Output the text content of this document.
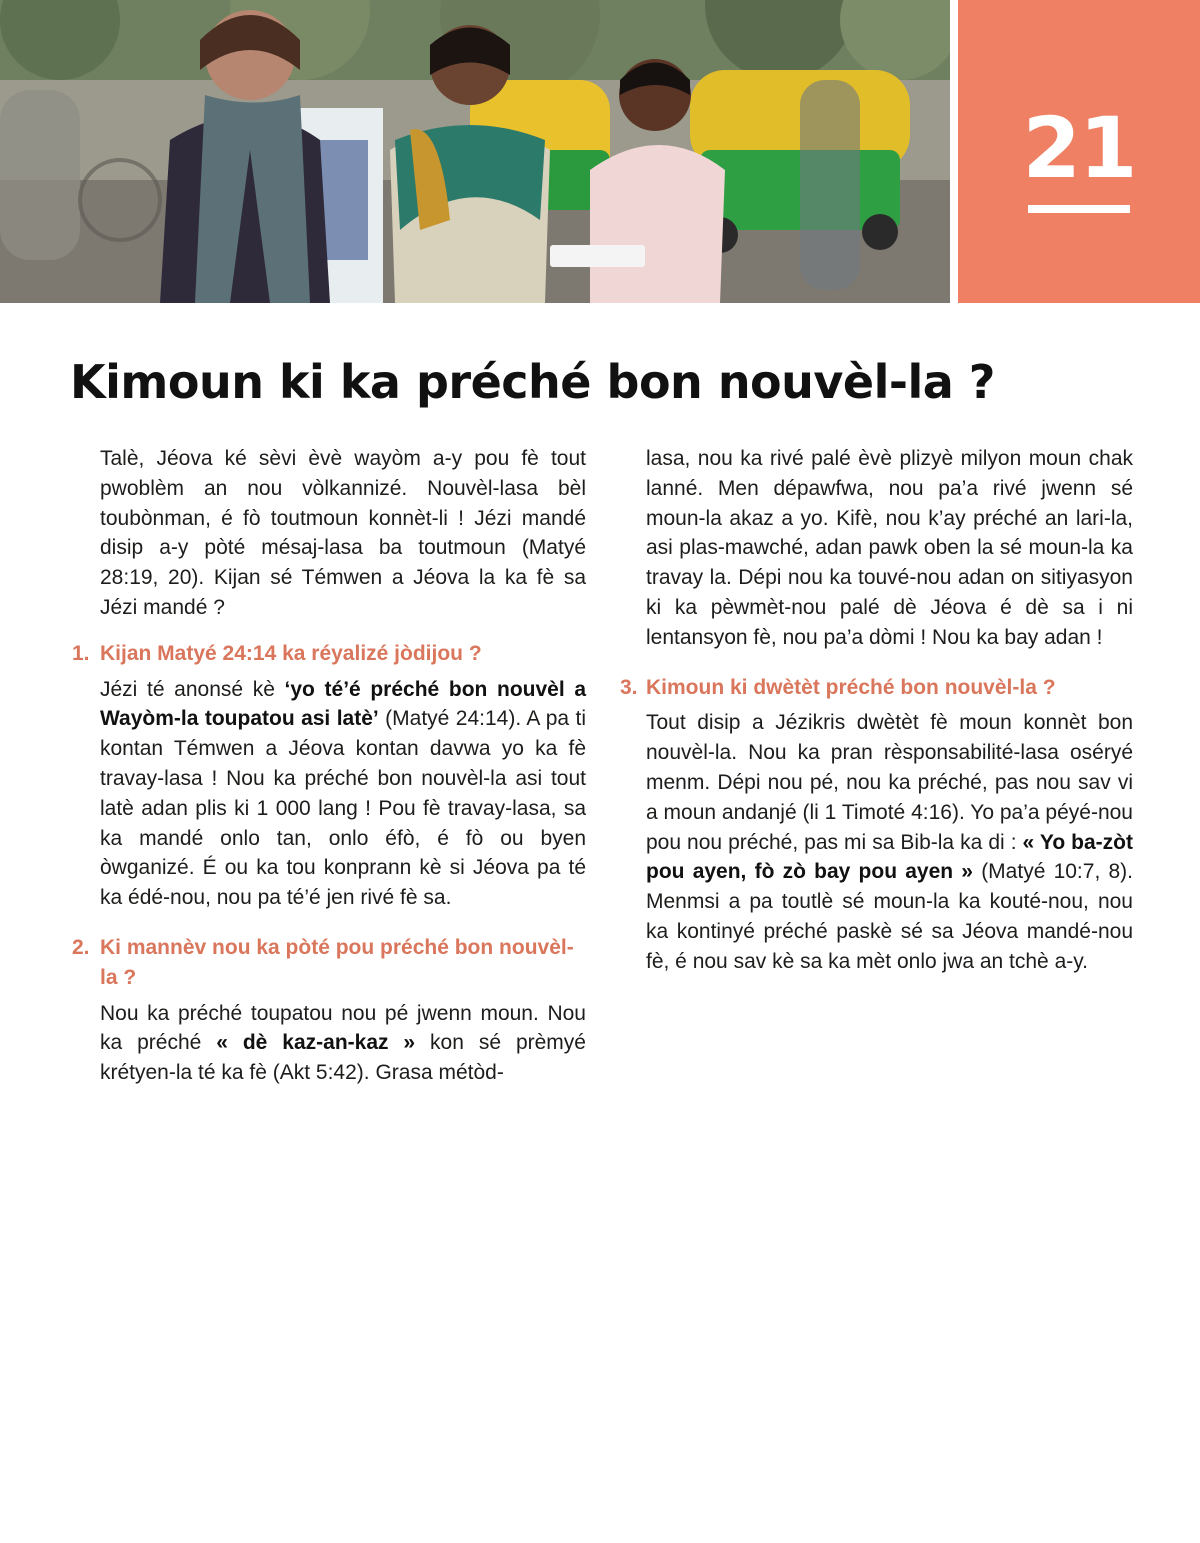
21
Kimoun ki ka préché bon nouvèl-la ?

Talè, Jéova ké sèvi èvè wayòm a-y pou fè tout pwoblèm an nou vòlkannizé. Nouvèl-lasa bèl toubònman, é fò toutmoun konnèt-li ! Jézi mandé disip a-y pòté mésaj-lasa ba toutmoun (Matyé 28:19, 20). Kijan sé Témwen a Jéova la ka fè sa Jézi mandé ?

1. Kijan Matyé 24:14 ka réyalizé jòdijou ?

Jézi té anonsé kè ‘yo té’é préché bon nouvèl a Wayòm-la toupatou asi latè’ (Matyé 24:14). A pa ti kontan Témwen a Jéova kontan davwa yo ka fè travay-lasa ! Nou ka préché bon nouvèl-la asi tout latè adan plis ki 1 000 lang ! Pou fè travay-lasa, sa ka mandé onlo tan, onlo éfò, é fò ou byen òwganizé. É ou ka tou konprann kè si Jéova pa té ka édé-nou, nou pa té’é jen rivé fè sa.

2. Ki mannèv nou ka pòté pou préché bon nouvèl-la ?

Nou ka préché toupatou nou pé jwenn moun. Nou ka préché « dè kaz-an-kaz » kon sé prèmyé krétyen-la té ka fè (Akt 5:42). Grasa métòd-

lasa, nou ka rivé palé èvè plizyè milyon moun chak lanné. Men dépawfwa, nou pa’a rivé jwenn sé moun-la akaz a yo. Kifè, nou k’ay préché an lari-la, asi plas-mawché, adan pawk oben la sé moun-la ka travay la. Dépi nou ka touvé-nou adan on sitiyasyon ki ka pèwmèt-nou palé dè Jéova é dè sa i ni lentansyon fè, nou pa’a dòmi ! Nou ka bay adan !

3. Kimoun ki dwètèt préché bon nouvèl-la ?

Tout disip a Jézikris dwètèt fè moun konnèt bon nouvèl-la. Nou ka pran rèsponsabilité-lasa oséryé menm. Dépi nou pé, nou ka préché, pas nou sav vi a moun andanjé (li 1 Timoté 4:16). Yo pa’a péyé-nou pou nou préché, pas mi sa Bib-la ka di : « Yo ba-zòt pou ayen, fò zò bay pou ayen » (Matyé 10:7, 8). Menmsi a pa toutlè sé moun-la ka kouté-nou, nou ka kontinyé préché paskè sé sa Jéova mandé-nou fè, é nou sav kè sa ka mèt onlo jwa an tchè a-y.
